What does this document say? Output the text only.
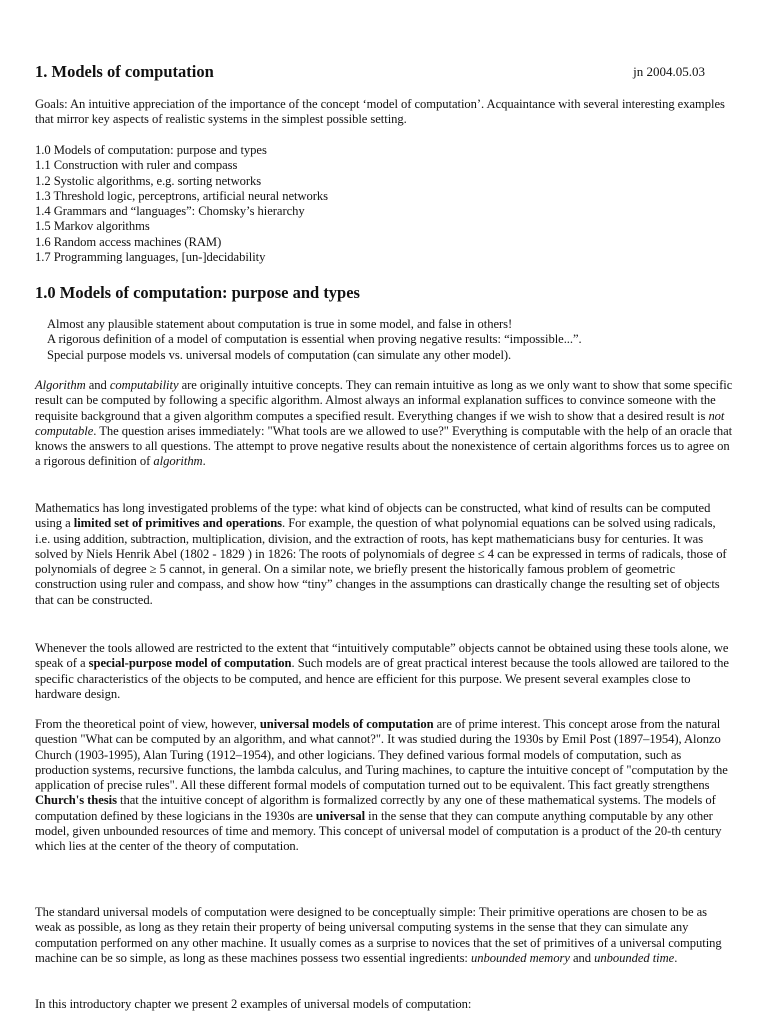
1. Models of computation	jn 2004.05.03

Goals: An intuitive appreciation of the importance of the concept ‘model of computation’. Acquaintance with several interesting examples that mirror key aspects of realistic systems in the simplest possible setting.

1.0 Models of computation: purpose and types
1.1 Construction with ruler and compass
1.2 Systolic algorithms, e.g. sorting networks
1.3 Threshold logic, perceptrons, artificial neural networks
1.4 Grammars and “languages”: Chomsky’s hierarchy
1.5 Markov algorithms
1.6 Random access machines (RAM)
1.7 Programming languages, [un-]decidability
1.0 Models of computation: purpose and types

Almost any plausible statement about computation is true in some model, and false in others!

A rigorous definition of a model of computation is essential when proving negative results: “impossible...”.

Special purpose models vs. universal models of computation (can simulate any other model).

Algorithm and computability are originally intuitive concepts. They can remain intuitive as long as we only want to show that some specific result can be computed by following a specific algorithm. Almost always an informal explanation suffices to convince someone with the requisite background that a given algorithm computes a specified result. Everything changes if we wish to show that a desired result is not computable. The question arises immediately: "What tools are we allowed to use?" Everything is computable with the help of an oracle that knows the answers to all questions. The attempt to prove negative results about the nonexistence of certain algorithms forces us to agree on a rigorous definition of algorithm.

Mathematics has long investigated problems of the type: what kind of objects can be constructed, what kind of results can be computed using a limited set of primitives and operations. For example, the question of what polynomial equations can be solved using radicals, i.e. using addition, subtraction, multiplication, division, and the extraction of roots, has kept mathematicians busy for centuries. It was solved by Niels Henrik Abel (1802 - 1829 ) in 1826: The roots of polynomials of degree ≤ 4 can be expressed in terms of radicals, those of polynomials of degree ≥ 5 cannot, in general. On a similar note, we briefly present the historically famous problem of geometric construction using ruler and compass, and show how “tiny” changes in the assumptions can drastically change the resulting set of objects that can be constructed.

Whenever the tools allowed are restricted to the extent that “intuitively computable” objects cannot be obtained using these tools alone, we speak of a special-purpose model of computation. Such models are of great practical interest because the tools allowed are tailored to the specific characteristics of the objects to be computed, and hence are efficient for this purpose. We present several examples close to hardware design.

From the theoretical point of view, however, universal models of computation are of prime interest. This concept arose from the natural question "What can be computed by an algorithm, and what cannot?". It was studied during the 1930s by Emil Post (1897–1954), Alonzo Church (1903-1995), Alan Turing (1912–1954), and other logicians. They defined various formal models of computation, such as production systems, recursive functions, the lambda calculus, and Turing machines, to capture the intuitive concept of "computation by the application of precise rules". All these different formal models of computation turned out to be equivalent. This fact greatly strengthens Church's thesis that the intuitive concept of algorithm is formalized correctly by any one of these mathematical systems. The models of computation defined by these logicians in the 1930s are universal in the sense that they can compute anything computable by any other model, given unbounded resources of time and memory. This concept of universal model of computation is a product of the 20-th century which lies at the center of the theory of computation.

The standard universal models of computation were designed to be conceptually simple: Their primitive operations are chosen to be as weak as possible, as long as they retain their property of being universal computing systems in the sense that they can simulate any computation performed on any other machine. It usually comes as a surprise to novices that the set of primitives of a universal computing machine can be so simple, as long as these machines possess two essential ingredients: unbounded memory and unbounded time.

In this introductory chapter we present 2 examples of universal models of computation:
